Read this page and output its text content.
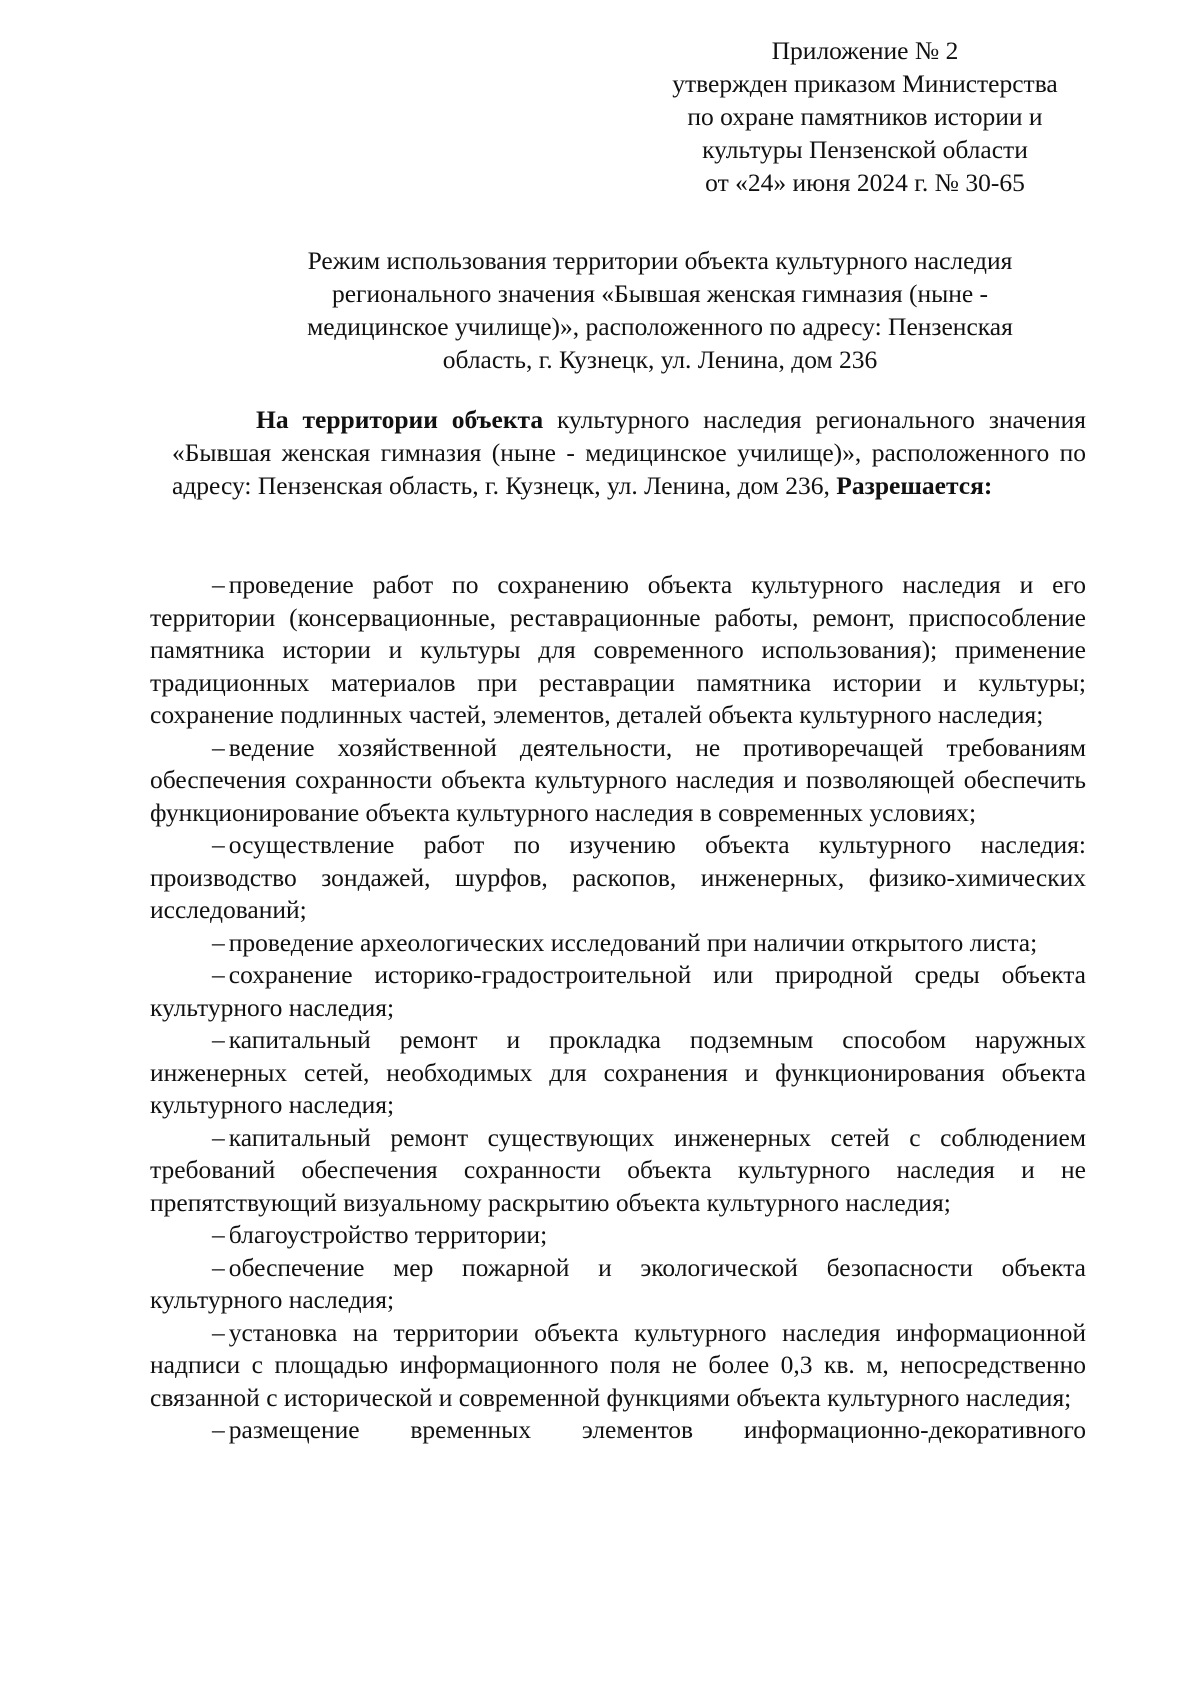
Приложение № 2
утвержден приказом Министерства
по охране памятников истории и
культуры Пензенской области
от «24» июня 2024 г. № 30-65
Режим использования территории объекта культурного наследия
регионального значения «Бывшая женская гимназия (ныне -
медицинское училище)», расположенного по адресу: Пензенская
область, г. Кузнецк, ул. Ленина, дом 236

На территории объекта культурного наследия регионального значения «Бывшая женская гимназия (ныне - медицинское училище)», расположенного по адресу: Пензенская область, г. Кузнецк, ул. Ленина, дом 236, Разрешается:

– проведение работ по сохранению объекта культурного наследия и его территории (консервационные, реставрационные работы, ремонт, приспособление памятника истории и культуры для современного использования); применение традиционных материалов при реставрации памятника истории и культуры; сохранение подлинных частей, элементов, деталей объекта культурного наследия;
– ведение хозяйственной деятельности, не противоречащей требованиям обеспечения сохранности объекта культурного наследия и позволяющей обеспечить функционирование объекта культурного наследия в современных условиях;
– осуществление работ по изучению объекта культурного наследия: производство зондажей, шурфов, раскопов, инженерных, физико-химических исследований;
– проведение археологических исследований при наличии открытого листа;
– сохранение историко-градостроительной или природной среды объекта культурного наследия;
– капитальный ремонт и прокладка подземным способом наружных инженерных сетей, необходимых для сохранения и функционирования объекта культурного наследия;
– капитальный ремонт существующих инженерных сетей с соблюдением требований обеспечения сохранности объекта культурного наследия и не препятствующий визуальному раскрытию объекта культурного наследия;
– благоустройство территории;
– обеспечение мер пожарной и экологической безопасности объекта культурного наследия;
– установка на территории объекта культурного наследия информационной надписи с площадью информационного поля не более 0,3 кв. м, непосредственно связанной с исторической и современной функциями объекта культурного наследия;
– размещение временных элементов информационно-декоративного
